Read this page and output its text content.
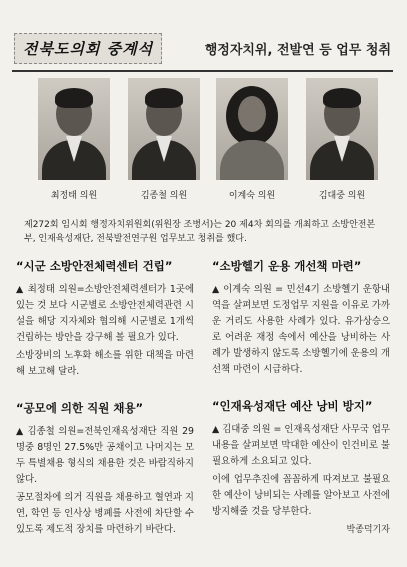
전북도의회 중계석	행정자치위, 전발연 등 업무 청취
최정태 의원	김종철 의원	이계숙 의원	김대중 의원
제272회 임시회 행정자치위원회(위원장 조병서)는 20 제4차 회의를 개최하고 소방안전본부, 인재육성재단, 전북발전연구원 업무보고 청취를 했다.
“시군 소방안전체력센터 건립”

▲ 최정태 의원=소방안전체력센터가 1곳에 있는 것 보다 시군별로 소방안전체력관련 시설을 해당 지자체와 협의해 시군별로 1개씩 건립하는 방안을 강구해 볼 필요가 있다.

소방장비의 노후화 해소를 위한 대책을 마련해 보고해 달라.

“공모에 의한 직원 채용”

▲ 김종철 의원=전북인재육성재단 직원 29명중 8명인 27.5%만 공채이고 나머지는 모두 특별채용 형식의 채용한 것은 바람직하지 않다.

공모절차에 의거 직원을 채용하고 혈연과 지연, 학연 등 인사상 병폐를 사전에 차단할 수 있도록 제도적 장치를 마련하기 바란다.

“소방헬기 운용 개선책 마련”

▲ 이계숙 의원 = 민선4기 소방헬기 운항내역을 살펴보면 도정업무 지원을 이유로 가까운 거리도 사용한 사례가 있다. 유가상승으로 어려운 재정 속에서 예산을 낭비하는 사례가 발생하지 않도록 소방헬기에 운용의 개선책 마련이 시급하다.

“인재육성재단 예산 낭비 방지”

▲ 김대중 의원 = 인재육성재단 사무국 업무내용을 살펴보면 막대한 예산이 인건비로 불필요하게 소요되고 있다.

이에 업무추진에 꼼꼼하게 따져보고 불필요한 예산이 낭비되는 사례를 알아보고 사전에 방지해줄 것을 당부한다.

박종덕기자
